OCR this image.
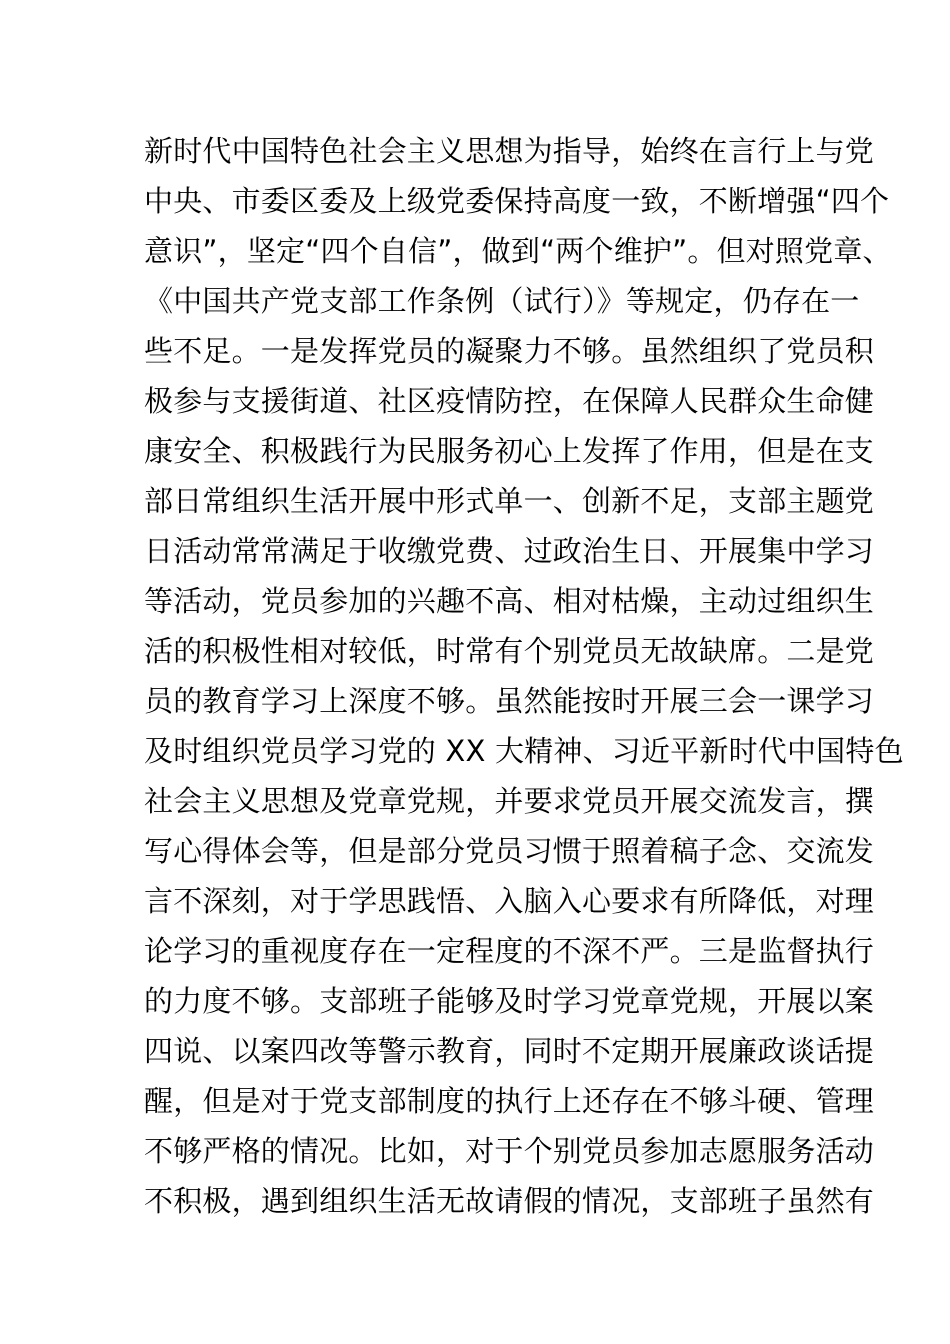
新时代中国特色社会主义思想为指导，始终在言行上与党
中央、市委区委及上级党委保持高度一致，不断增强“四个
意识”，坚定“四个自信”，做到“两个维护”。但对照党章、
《中国共产党支部工作条例（试行）》等规定，仍存在一
些不足。一是发挥党员的凝聚力不够。虽然组织了党员积
极参与支援街道、社区疫情防控，在保障人民群众生命健
康安全、积极践行为民服务初心上发挥了作用，但是在支
部日常组织生活开展中形式单一、创新不足，支部主题党
日活动常常满足于收缴党费、过政治生日、开展集中学习
等活动，党员参加的兴趣不高、相对枯燥，主动过组织生
活的积极性相对较低，时常有个别党员无故缺席。二是党
员的教育学习上深度不够。虽然能按时开展三会一课学习
及时组织党员学习党的 XX 大精神、习近平新时代中国特色
社会主义思想及党章党规，并要求党员开展交流发言，撰
写心得体会等，但是部分党员习惯于照着稿子念、交流发
言不深刻，对于学思践悟、入脑入心要求有所降低，对理
论学习的重视度存在一定程度的不深不严。三是监督执行
的力度不够。支部班子能够及时学习党章党规，开展以案
四说、以案四改等警示教育，同时不定期开展廉政谈话提
醒，但是对于党支部制度的执行上还存在不够斗硬、管理
不够严格的情况。比如，对于个别党员参加志愿服务活动
不积极，遇到组织生活无故请假的情况，支部班子虽然有
